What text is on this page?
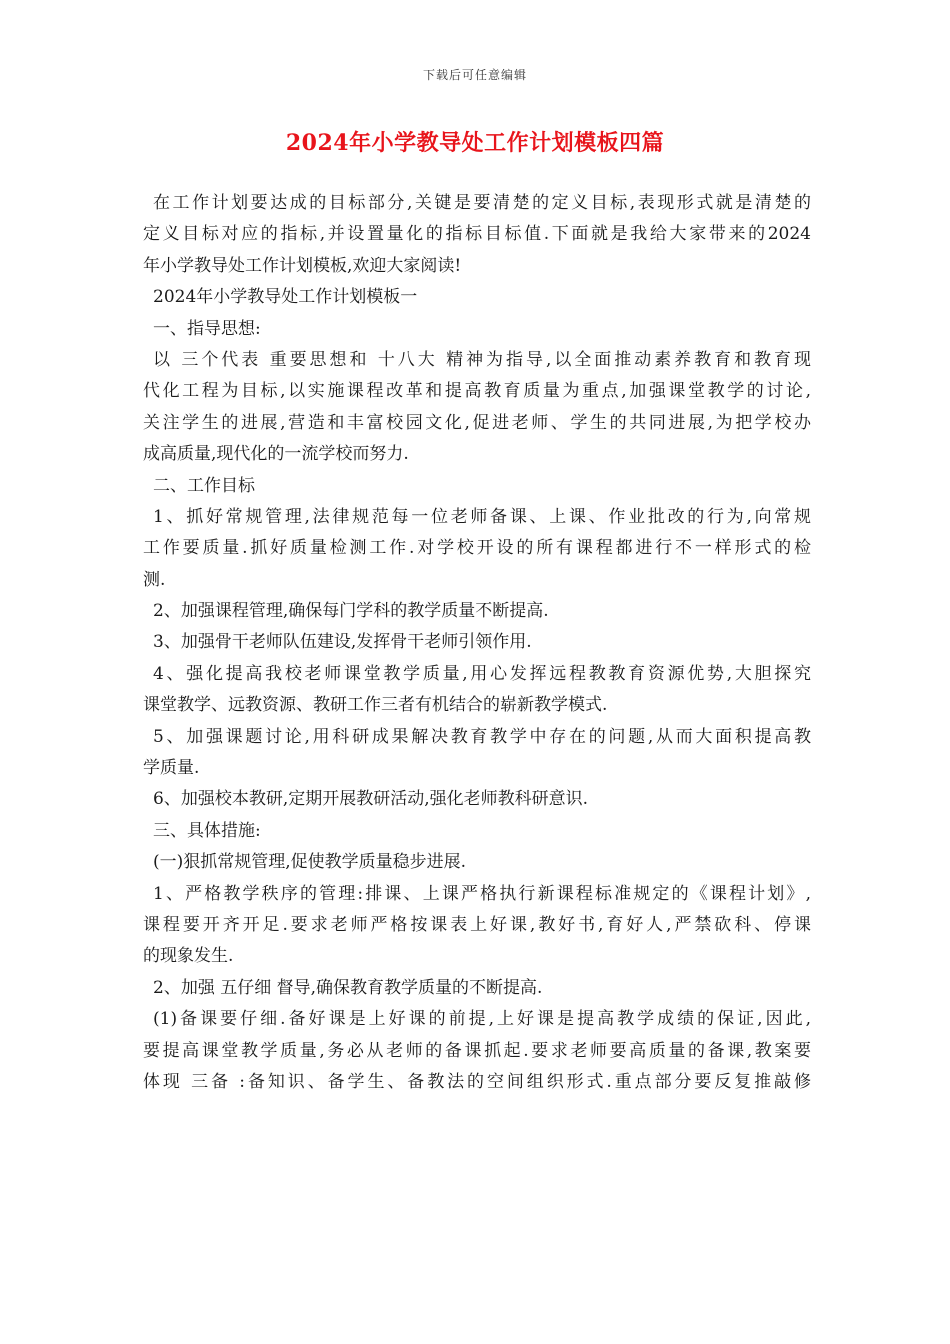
下载后可任意编辑
2024年小学教导处工作计划模板四篇
在工作计划要达成的目标部分,关键是要清楚的定义目标,表现形式就是清楚的
定义目标对应的指标,并设置量化的指标目标值.下面就是我给大家带来的2024
年小学教导处工作计划模板,欢迎大家阅读!
2024年小学教导处工作计划模板一
一、指导思想:
以 三个代表 重要思想和 十八大 精神为指导,以全面推动素养教育和教育现
代化工程为目标,以实施课程改革和提高教育质量为重点,加强课堂教学的讨论,
关注学生的进展,营造和丰富校园文化,促进老师、学生的共同进展,为把学校办
成高质量,现代化的一流学校而努力.
二、工作目标
1、抓好常规管理,法律规范每一位老师备课、上课、作业批改的行为,向常规
工作要质量.抓好质量检测工作.对学校开设的所有课程都进行不一样形式的检
测.
2、加强课程管理,确保每门学科的教学质量不断提高.
3、加强骨干老师队伍建设,发挥骨干老师引领作用.
4、强化提高我校老师课堂教学质量,用心发挥远程教教育资源优势,大胆探究
课堂教学、远教资源、教研工作三者有机结合的崭新教学模式.
5、加强课题讨论,用科研成果解决教育教学中存在的问题,从而大面积提高教
学质量.
6、加强校本教研,定期开展教研活动,强化老师教科研意识.
三、具体措施:
(一)狠抓常规管理,促使教学质量稳步进展.
1、严格教学秩序的管理:排课、上课严格执行新课程标准规定的《课程计划》,
课程要开齐开足.要求老师严格按课表上好课,教好书,育好人,严禁砍科、停课
的现象发生.
2、加强 五仔细 督导,确保教育教学质量的不断提高.
(1)备课要仔细.备好课是上好课的前提,上好课是提高教学成绩的保证,因此,
要提高课堂教学质量,务必从老师的备课抓起.要求老师要高质量的备课,教案要
体现 三备 :备知识、备学生、备教法的空间组织形式.重点部分要反复推敲修
